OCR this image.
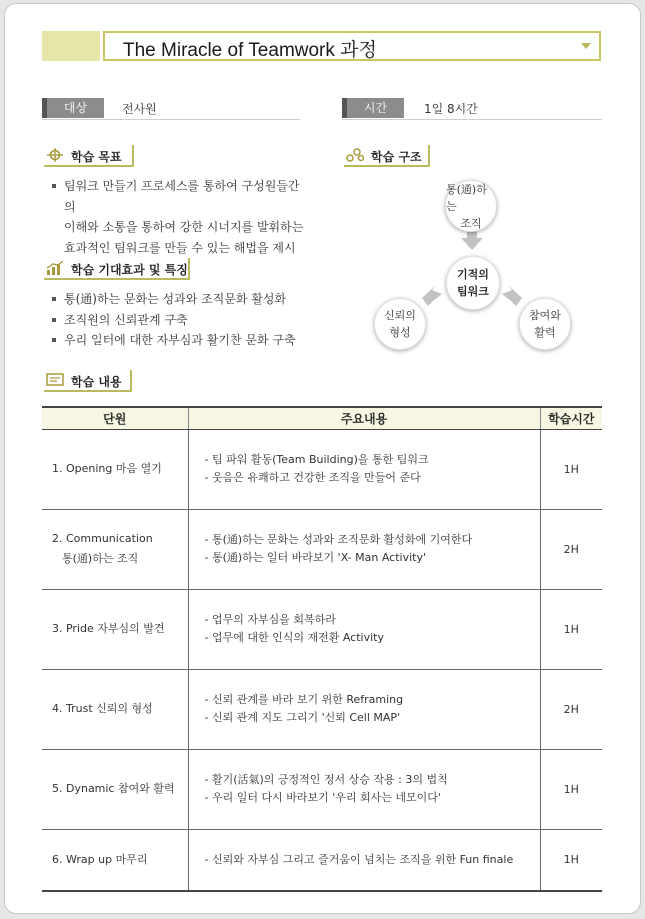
The Miracle of Teamwork 과정
대상	전사원	시간	1일 8시간
학습 목표
팀워크 만들기 프로세스를 통하여 구성원들간의
이해와 소통을 통하여 강한 시너지를 발휘하는
효과적인 팀워크를 만들 수 있는 해법을 제시
학습 기대효과 및 특징
통(通)하는 문화는 성과와 조직문화 활성화
조직원의 신뢰관계 구축
우리 일터에 대한 자부심과 활기찬 문화 구축
학습 구조
기적의
팀워크
통(通)하는
조직
신뢰의
형성
참여와
활력
학습 내용
단원	주요내용	학습시간

1. Opening 마음 열기	- 팀 파워 활동(Team Building)을 통한 팀워크
- 웃음은 유쾌하고 건강한 조직을 만들어 준다	1H

2. Communication
통(通)하는 조직	- 통(通)하는 문화는 성과와 조직문화 활성화에 기여한다
- 통(通)하는 일터 바라보기 'X- Man Activity'	2H

3. Pride 자부심의 발견	- 업무의 자부심을 회복하라
- 업무에 대한 인식의 재전환 Activity	1H

4. Trust 신뢰의 형성	- 신뢰 관계를 바라 보기 위한 Reframing
- 신뢰 관계 지도 그리기 '신뢰 Cell MAP'	2H

5. Dynamic 참여와 활력	- 활기(活氣)의 긍정적인 정서 상승 작용 : 3의 법칙
- 우리 일터 다시 바라보기 '우리 회사는 네모이다'	1H

6. Wrap up 마무리	- 신뢰와 자부심 그리고 즐거움이 넘치는 조직을 위한 Fun finale	1H
